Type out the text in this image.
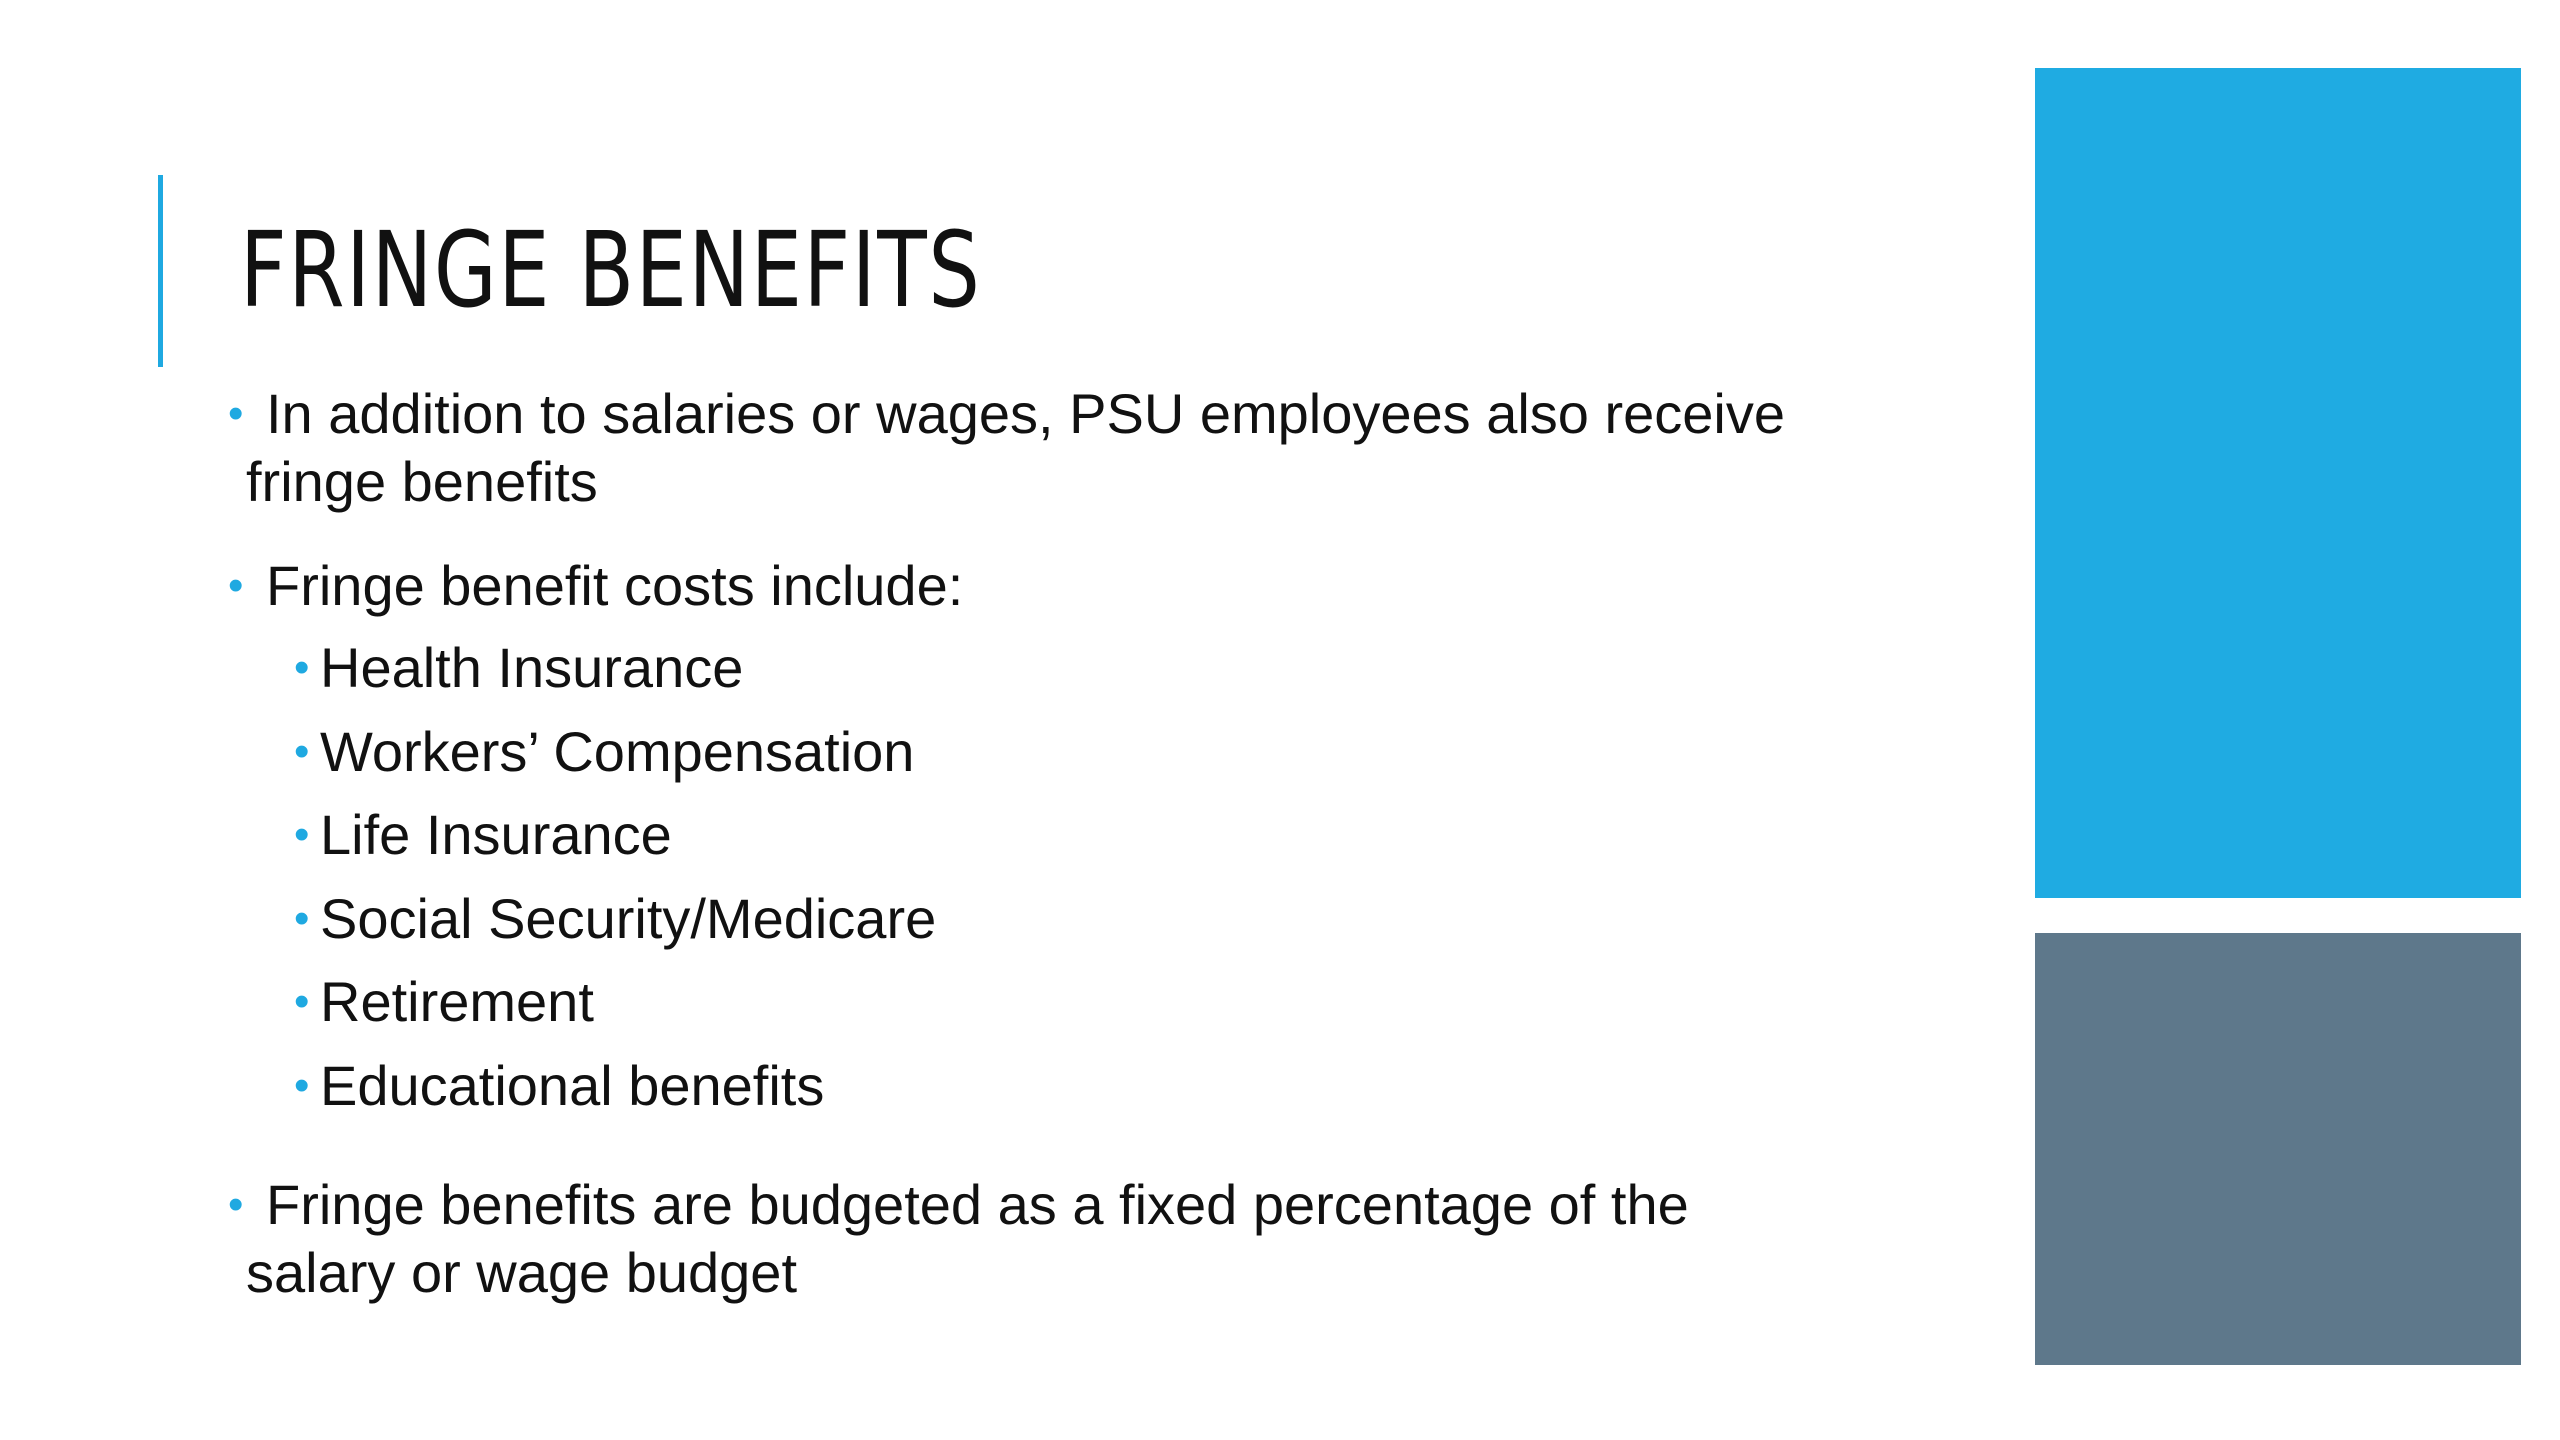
FRINGE BENEFITS
• In addition to salaries or wages, PSU employees also receive fringe benefits
• Fringe benefit costs include:
• Health Insurance
• Workers’ Compensation
• Life Insurance
• Social Security/Medicare
• Retirement
• Educational benefits
• Fringe benefits are budgeted as a fixed percentage of the salary or wage budget
